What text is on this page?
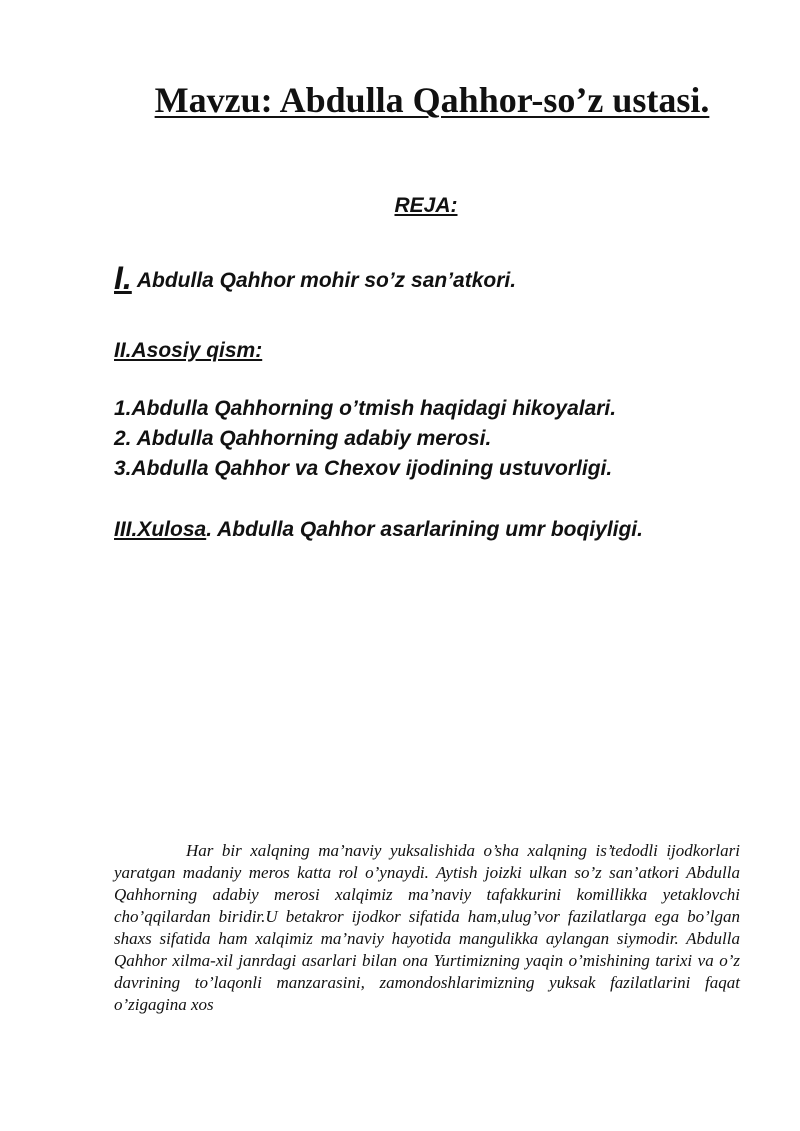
Mavzu: Abdulla Qahhor-so’z ustasi.
REJA:

I. Abdulla Qahhor mohir so’z san’atkori.

II.Asosiy qism:

1.Abdulla Qahhorning o’tmish haqidagi hikoyalari.
2. Abdulla Qahhorning adabiy merosi.
3.Abdulla Qahhor va Chexov ijodining ustuvorligi.

III.Xulosa. Abdulla Qahhor asarlarining umr boqiyligi.

Har bir xalqning ma’naviy yuksalishida o’sha xalqning is’tedodli ijodkorlari yaratgan madaniy meros katta rol o’ynaydi. Aytish joizki ulkan so’z san’atkori Abdulla Qahhorning adabiy merosi xalqimiz ma’naviy tafakkurini komillikka yetaklovchi cho’qqilardan biridir.U betakror ijodkor sifatida ham,ulug’vor fazilatlarga ega bo’lgan shaxs sifatida ham xalqimiz ma’naviy hayotida mangulikka aylangan siymodir. Abdulla Qahhor xilma-xil janrdagi asarlari bilan ona Yurtimizning yaqin o’mishining tarixi va o’z davrining to’laqonli manzarasini, zamondoshlarimizning yuksak fazilatlarini faqat o’zigagina xos
